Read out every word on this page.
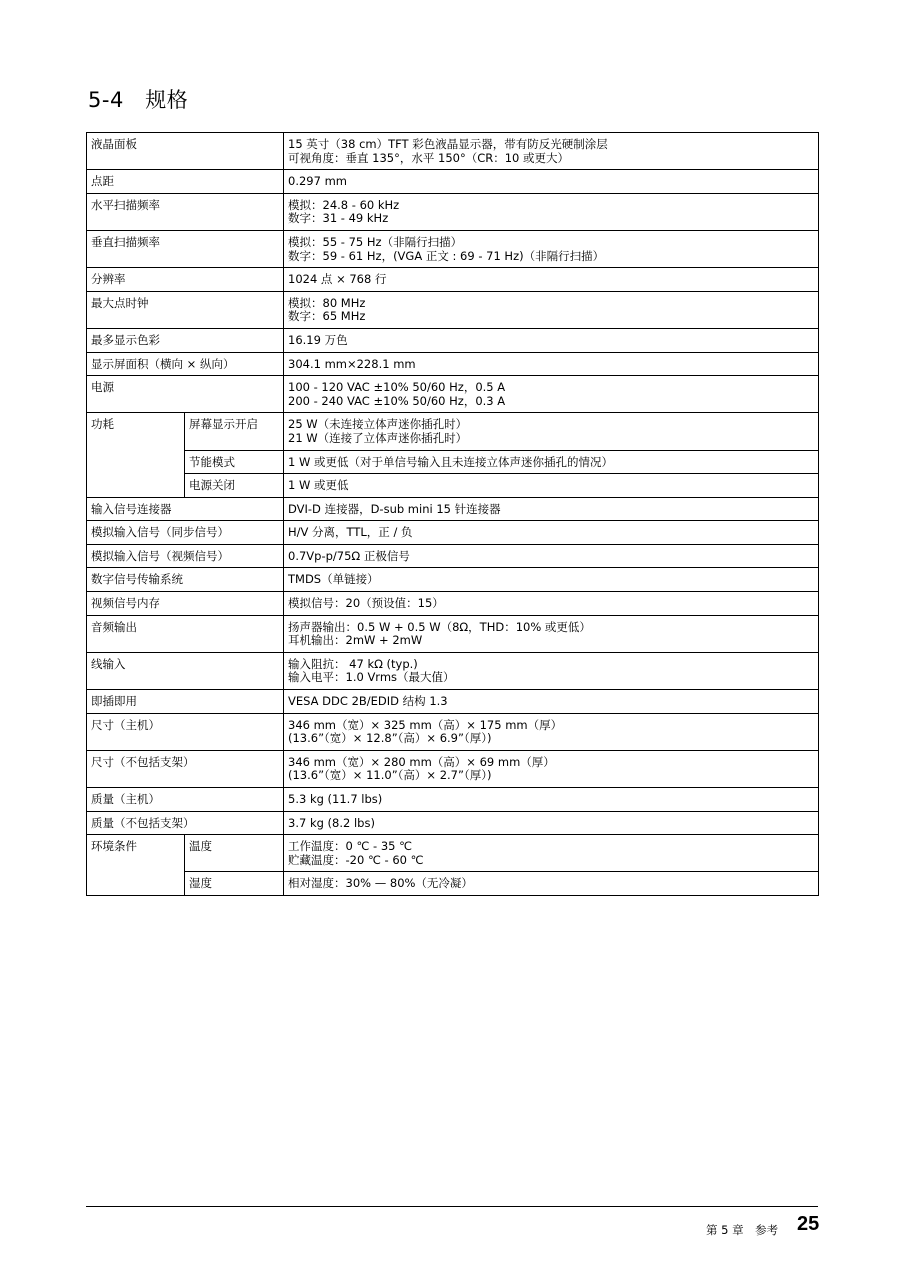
5-4　规格
液晶面板		15 英寸（38 cm）TFT 彩色液晶显示器，带有防反光硬制涂层
可视角度：垂直 135°，水平 150°（CR：10 或更大）

点距		0.297 mm

水平扫描频率		模拟：24.8 - 60 kHz
数字：31 - 49 kHz

垂直扫描频率		模拟：55 - 75 Hz（非隔行扫描）
数字：59 - 61 Hz，(VGA 正文 : 69 - 71 Hz)（非隔行扫描）

分辨率		1024 点 × 768 行

最大点时钟		模拟：80 MHz
数字：65 MHz

最多显示色彩		16.19 万色

显示屏面积（横向 × 纵向）		304.1 mm×228.1 mm

电源		100 - 120 VAC ±10% 50/60 Hz，0.5 A
200 - 240 VAC ±10% 50/60 Hz，0.3 A

功耗	屏幕显示开启	25 W（未连接立体声迷你插孔时）
21 W（连接了立体声迷你插孔时）

	节能模式	1 W 或更低（对于单信号输入且未连接立体声迷你插孔的情况）

	电源关闭	1 W 或更低

输入信号连接器		DVI-D 连接器，D-sub mini 15 针连接器

模拟输入信号（同步信号）		H/V 分离，TTL，正 / 负

模拟输入信号（视频信号）		0.7Vp-p/75Ω 正极信号

数字信号传输系统		TMDS（单链接）

视频信号内存		模拟信号：20（预设值：15）

音频输出		扬声器输出：0.5 W + 0.5 W（8Ω，THD：10% 或更低）
耳机输出：2mW + 2mW

线输入		输入阻抗： 47 kΩ (typ.)
输入电平：1.0 Vrms（最大值）

即插即用		VESA DDC 2B/EDID 结构 1.3

尺寸（主机）		346 mm（宽）× 325 mm（高）× 175 mm（厚）
(13.6”（宽）× 12.8”（高）× 6.9”（厚）)

尺寸（不包括支架）		346 mm（宽）× 280 mm（高）× 69 mm（厚）
(13.6”（宽）× 11.0”（高）× 2.7”（厚）)

质量（主机）		5.3 kg (11.7 lbs)

质量（不包括支架）		3.7 kg (8.2 lbs)

环境条件	温度	工作温度：0 ℃ - 35 ℃
贮藏温度：-20 ℃ - 60 ℃

	湿度	相对湿度：30% — 80%（无冷凝）
第 5 章　参考 25
